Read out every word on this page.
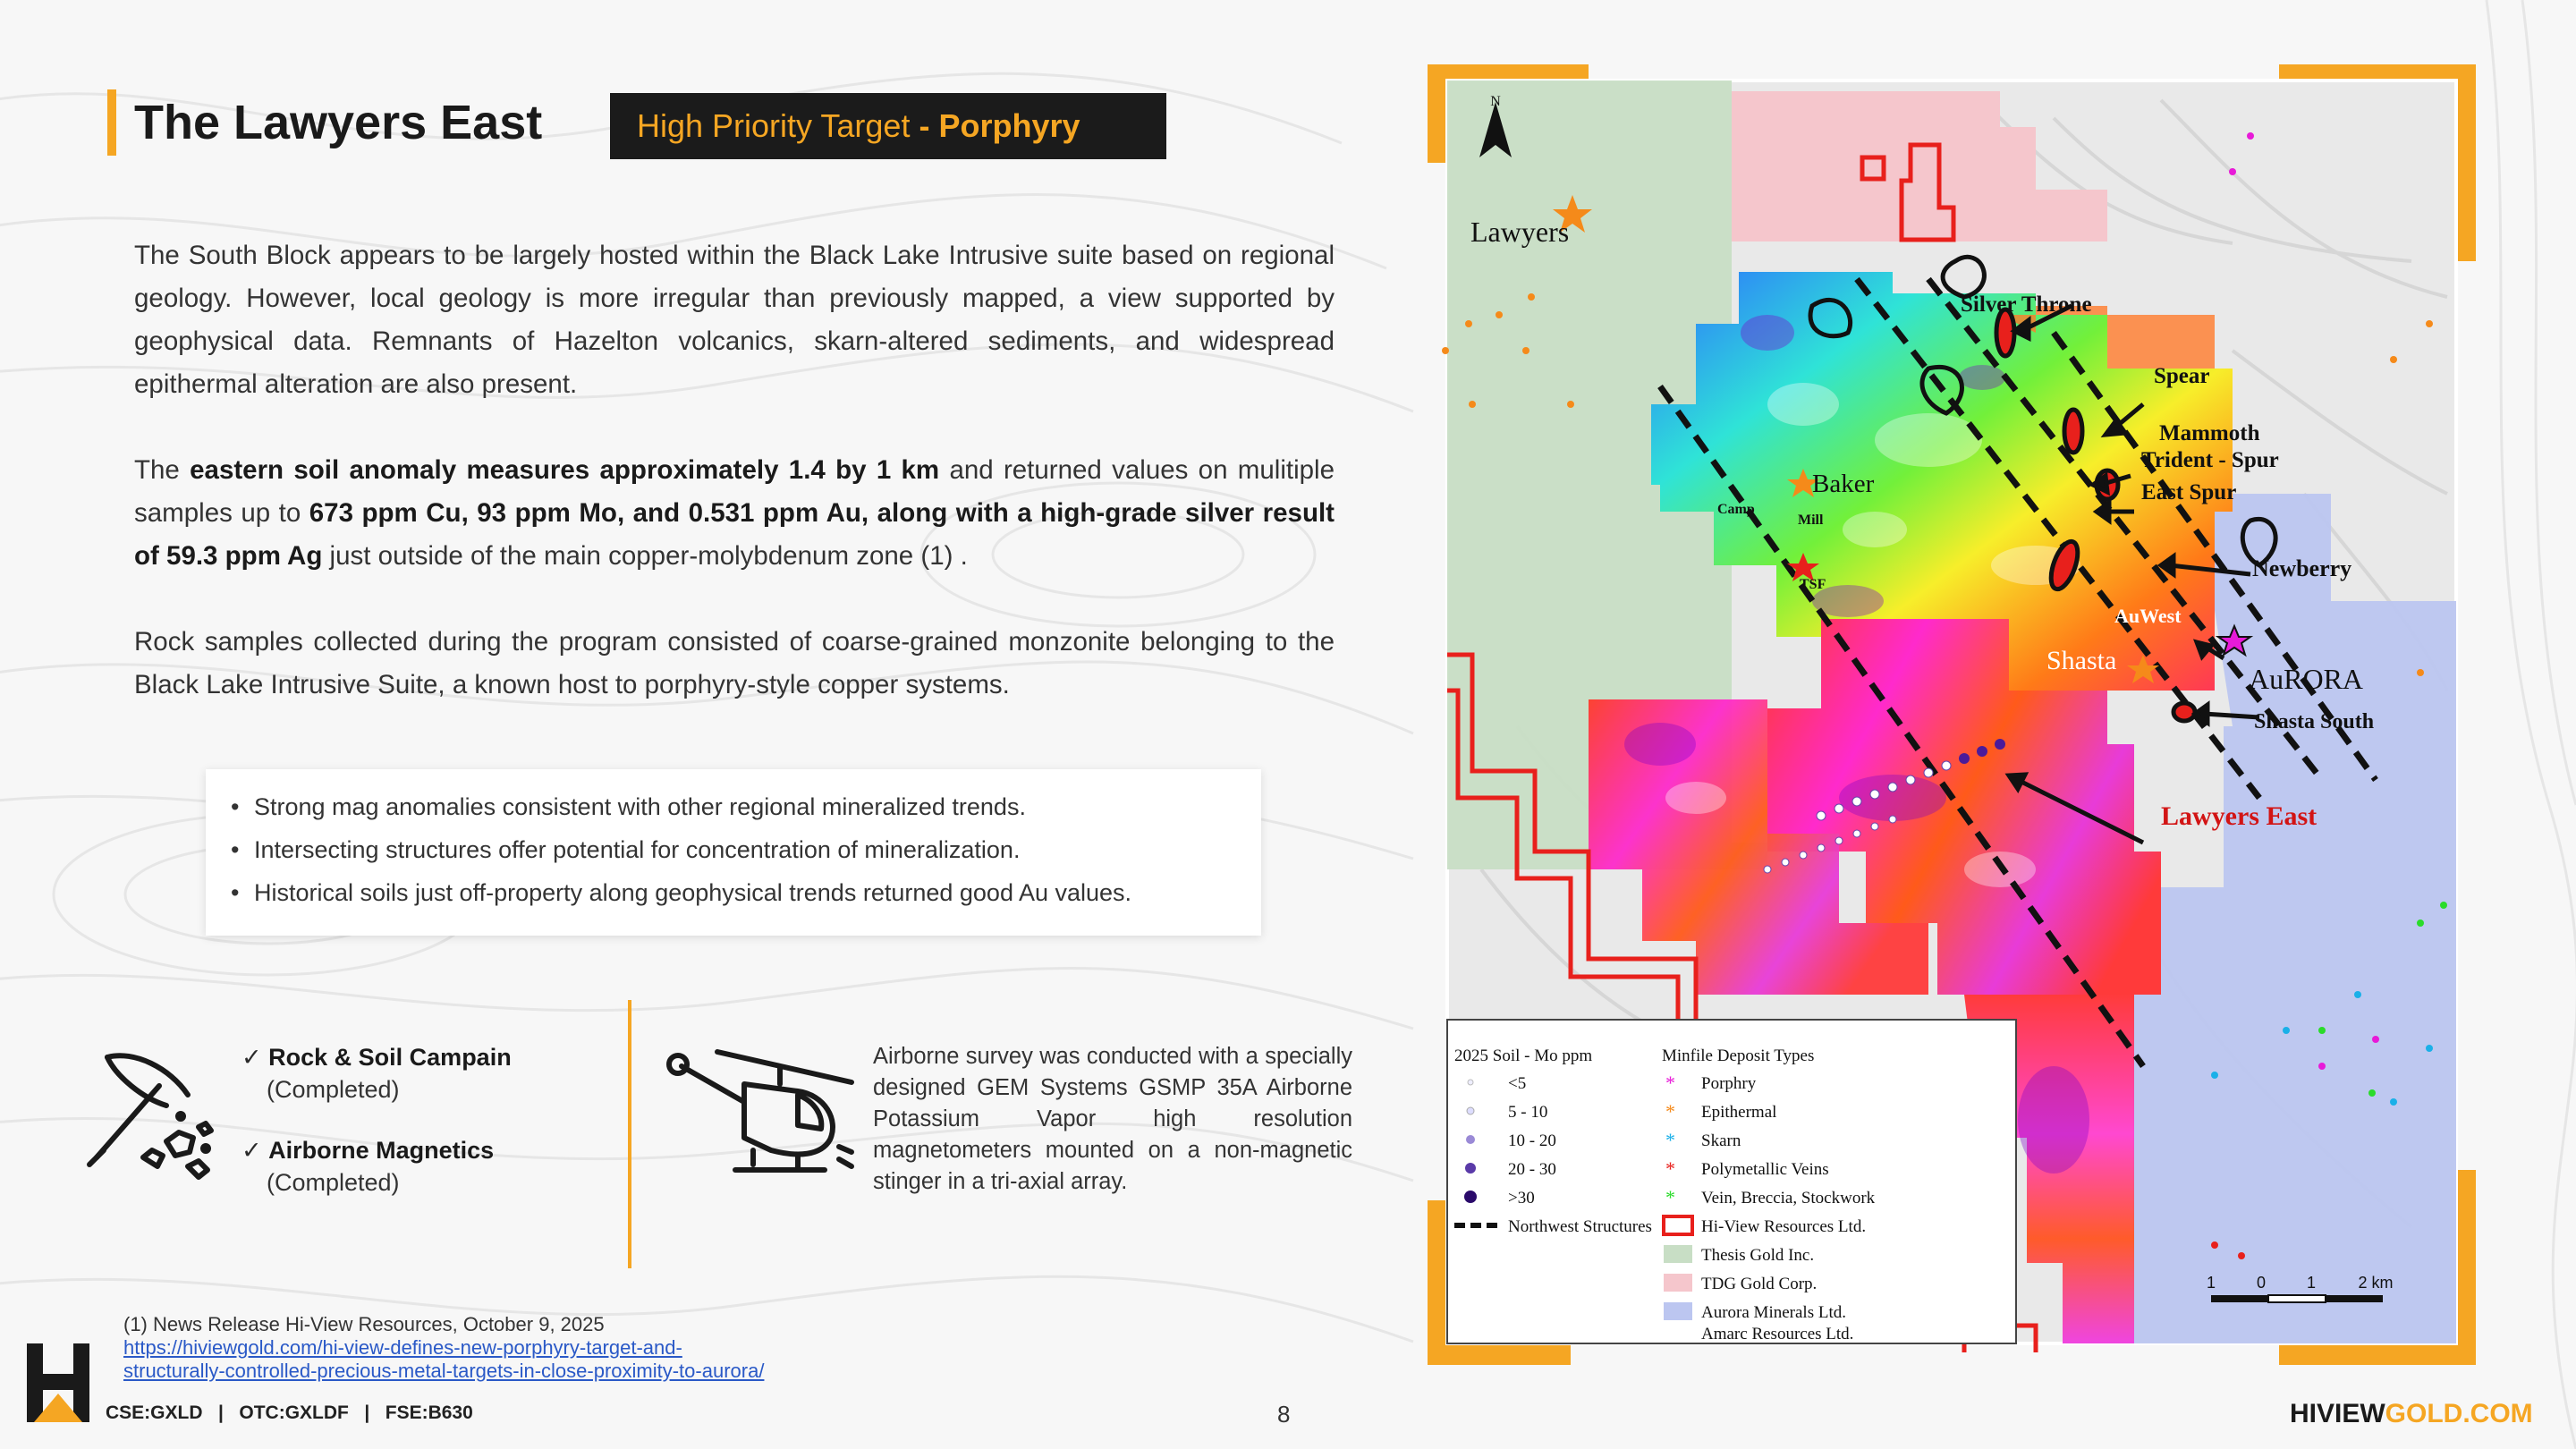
The Lawyers East	High Priority Target - Porphyry

The South Block appears to be largely hosted within the Black Lake Intrusive suite based on regional geology. However, local geology is more irregular than previously mapped, a view supported by geophysical data. Remnants of Hazelton volcanics, skarn-altered sediments, and widespread epithermal alteration are also present.

The eastern soil anomaly measures approximately 1.4 by 1 km and returned values on mulitiple samples up to 673 ppm Cu, 93 ppm Mo, and 0.531 ppm Au, along with a high-grade silver result of 59.3 ppm Ag just outside of the main copper-molybdenum zone (1) .

Rock samples collected during the program consisted of coarse-grained monzonite belonging to the Black Lake Intrusive Suite, a known host to porphyry-style copper systems.

• Strong mag anomalies consistent with other regional mineralized trends.
• Intersecting structures offer potential for concentration of mineralization.
• Historical soils just off-property along geophysical trends returned good Au values.
✓ Rock & Soil Campain
(Completed)
✓ Airborne Magnetics
(Completed)

Airborne survey was conducted with a specially designed GEM Systems GSMP 35A Airborne Potassium Vapor high resolution magnetometers mounted on a non-magnetic stinger in a tri-axial array.

(1) News Release Hi-View Resources, October 9, 2025
https://hiviewgold.com/hi-view-defines-new-porphyry-target-and-
structurally-controlled-precious-metal-targets-in-close-proximity-to-aurora/
CSE:GXLD   |   OTC:GXLDF   |   FSE:B630	8	HIVIEWGOLD.COM
N
Lawyers
Silver Throne
Spear
Mammoth
Trident - Spur
East Spur
Baker
Camp
Mill
TSF
Newberry
AuWest
Shasta
AuRORA
Shasta South
Lawyers East
2025 Soil - Mo ppm
<5
5 - 10
10 - 20
20 - 30
>30
Northwest Structures
Minfile Deposit Types
* Porphry
* Epithermal
* Skarn
* Polymetallic Veins
* Vein, Breccia, Stockwork
Hi-View Resources Ltd.
Thesis Gold Inc.
TDG Gold Corp.
Aurora Minerals Ltd.
Amarc Resources Ltd.
1	0	1	2 km
